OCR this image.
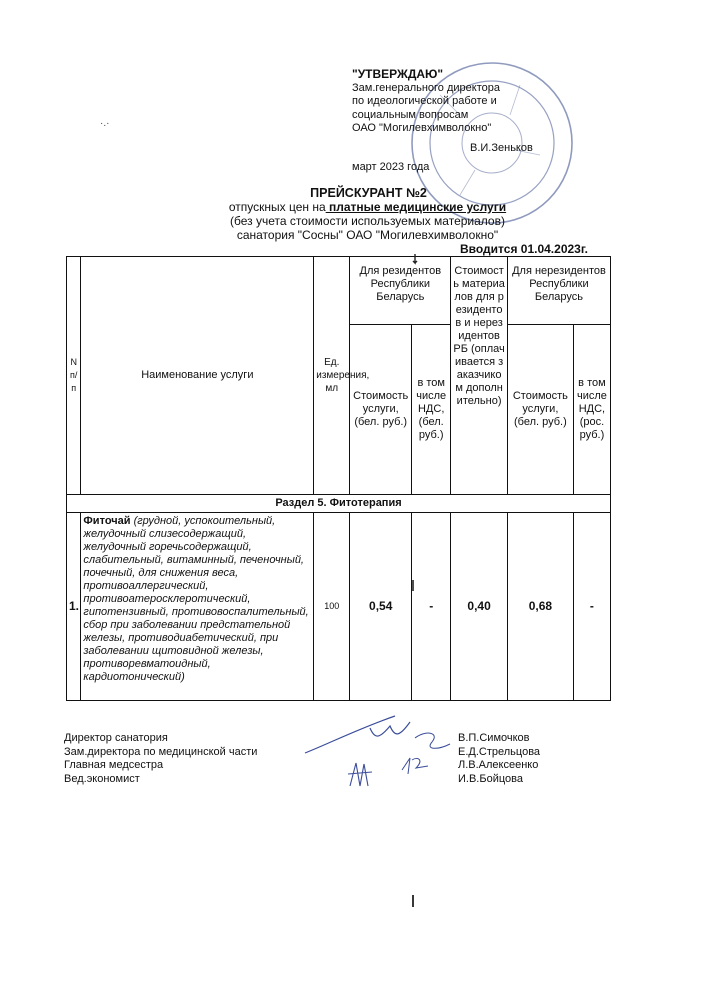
"УТВЕРЖДАЮ"
Зам.генерального директора
по идеологической работе и
социальным вопросам
ОАО "Могилевхимволокно"
В.И.Зеньков
март 2023 года
·.·
ПРЕЙСКУРАНТ №2
отпускных цен на платные медицинские услуги
(без учета стоимости используемых материалов)
санатория "Сосны" ОАО "Могилевхимволокно"
Вводится 01.04.2023г.
N п/п	Наименование услуги	Ед. измерения, мл	Для резидентов Республики Беларусь		Стоимость материалов для резидентов и нерезидентов РБ (оплачивается заказчиком дополнительно)	Для нерезидентов Республики Беларусь	
			Стоимость услуги, (бел. руб.)	в том числе НДС, (бел. руб.)		Стоимость услуги, (бел. руб.)	в том числе НДС, (рос. руб.)
Раздел 5. Фитотерапия							
1.	Фиточай (грудной, успокоительный, желудочный слизесодержащий, желудочный горечьсодержащий, слабительный, витаминный, печеночный, почечный, для снижения веса, противоаллергический, противоатеросклеротический, гипотензивный, противовоспалительный, сбор при заболевании предстательной железы, противодиабетический, при заболевании щитовидной железы, противоревматоидный, кардиотонический)	100	0,54	-	0,40	0,68	-
Директор санатория
Зам.директора по медицинской части
Главная медсестра
Вед.экономист
В.П.Симочков
Е.Д.Стрельцова
Л.В.Алексеенко
И.В.Бойцова
